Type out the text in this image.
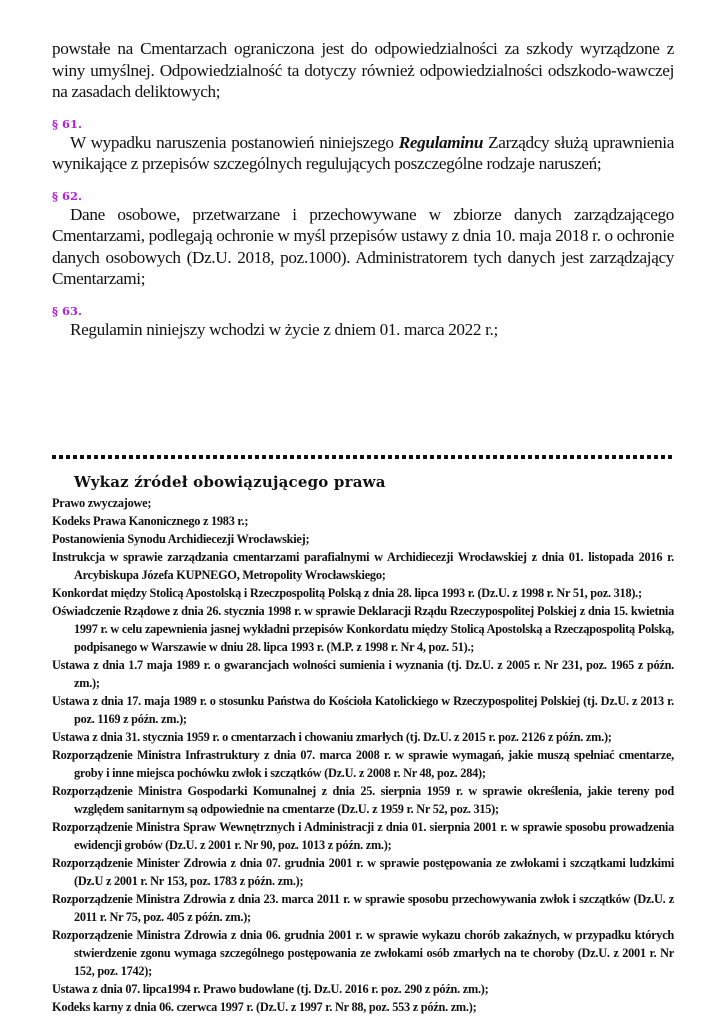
powstałe na Cmentarzach ograniczona jest do odpowiedzialności za szkody wyrządzone z winy umyślnej. Odpowiedzialność ta dotyczy również odpowiedzialności odszkodo-wawczej na zasadach deliktowych;

§ 61.

W wypadku naruszenia postanowień niniejszego Regulaminu Zarządcy służą uprawnienia wynikające z przepisów szczególnych regulujących poszczególne rodzaje naruszeń;

§ 62.

Dane osobowe, przetwarzane i przechowywane w zbiorze danych zarządzającego Cmentarzami, podlegają ochronie w myśl przepisów ustawy z dnia 10. maja 2018 r. o ochronie danych osobowych (Dz.U. 2018, poz.1000). Administratorem tych danych jest zarządzający Cmentarzami;

§ 63.

Regulamin niniejszy wchodzi w życie z dniem 01. marca 2022 r.;

Wykaz źródeł obowiązującego prawa
Prawo zwyczajowe;
Kodeks Prawa Kanonicznego z 1983 r.;
Postanowienia Synodu Archidiecezji Wrocławskiej;
Instrukcja w sprawie zarządzania cmentarzami parafialnymi w Archidiecezji Wrocławskiej z dnia 01. listopada 2016 r. Arcybiskupa Józefa KUPNEGO, Metropolity Wrocławskiego;
Konkordat między Stolicą Apostolską i Rzeczpospolitą Polską z dnia 28. lipca 1993 r. (Dz.U. z 1998 r. Nr 51, poz. 318).;
Oświadczenie Rządowe z dnia 26. stycznia 1998 r. w sprawie Deklaracji Rządu Rzeczypospolitej Polskiej z dnia 15. kwietnia 1997 r. w celu zapewnienia jasnej wykładni przepisów Konkordatu między Stolicą Apostolską a Rzecząpospolitą Polską, podpisanego w Warszawie w dniu 28. lipca 1993 r. (M.P. z 1998 r. Nr 4, poz. 51).;
Ustawa z dnia 1.7 maja 1989 r. o gwarancjach wolności sumienia i wyznania (tj. Dz.U. z 2005 r. Nr 231, poz. 1965 z późn. zm.);
Ustawa z dnia 17. maja 1989 r. o stosunku Państwa do Kościoła Katolickiego w Rzeczypospolitej Polskiej (tj. Dz.U. z 2013 r. poz. 1169 z późn. zm.);
Ustawa z dnia 31. stycznia 1959 r. o cmentarzach i chowaniu zmarłych (tj. Dz.U. z 2015 r. poz. 2126 z późn. zm.);
Rozporządzenie Ministra Infrastruktury z dnia 07. marca 2008 r. w sprawie wymagań, jakie muszą spełniać cmentarze, groby i inne miejsca pochówku zwłok i szczątków (Dz.U. z 2008 r. Nr 48, poz. 284);
Rozporządzenie Ministra Gospodarki Komunalnej z dnia 25. sierpnia 1959 r. w sprawie określenia, jakie tereny pod względem sanitarnym są odpowiednie na cmentarze (Dz.U. z 1959 r. Nr 52, poz. 315);
Rozporządzenie Ministra Spraw Wewnętrznych i Administracji z dnia 01. sierpnia 2001 r. w sprawie sposobu prowadzenia ewidencji grobów (Dz.U. z 2001 r. Nr 90, poz. 1013 z późn. zm.);
Rozporządzenie Minister Zdrowia z dnia 07. grudnia 2001 r. w sprawie postępowania ze zwłokami i szczątkami ludzkimi (Dz.U z 2001 r. Nr 153, poz. 1783 z późn. zm.);
Rozporządzenie Ministra Zdrowia z dnia 23. marca 2011 r. w sprawie sposobu przechowywania zwłok i szczątków (Dz.U. z 2011 r. Nr 75, poz. 405 z późn. zm.);
Rozporządzenie Ministra Zdrowia z dnia 06. grudnia 2001 r. w sprawie wykazu chorób zakaźnych, w przypadku których stwierdzenie zgonu wymaga szczególnego postępowania ze zwłokami osób zmarłych na te choroby (Dz.U. z 2001 r. Nr 152, poz. 1742);
Ustawa z dnia 07. lipca1994 r. Prawo budowlane (tj. Dz.U. 2016 r. poz. 290 z późn. zm.);
Kodeks karny z dnia 06. czerwca 1997 r. (Dz.U. z 1997 r. Nr 88, poz. 553 z późn. zm.);
